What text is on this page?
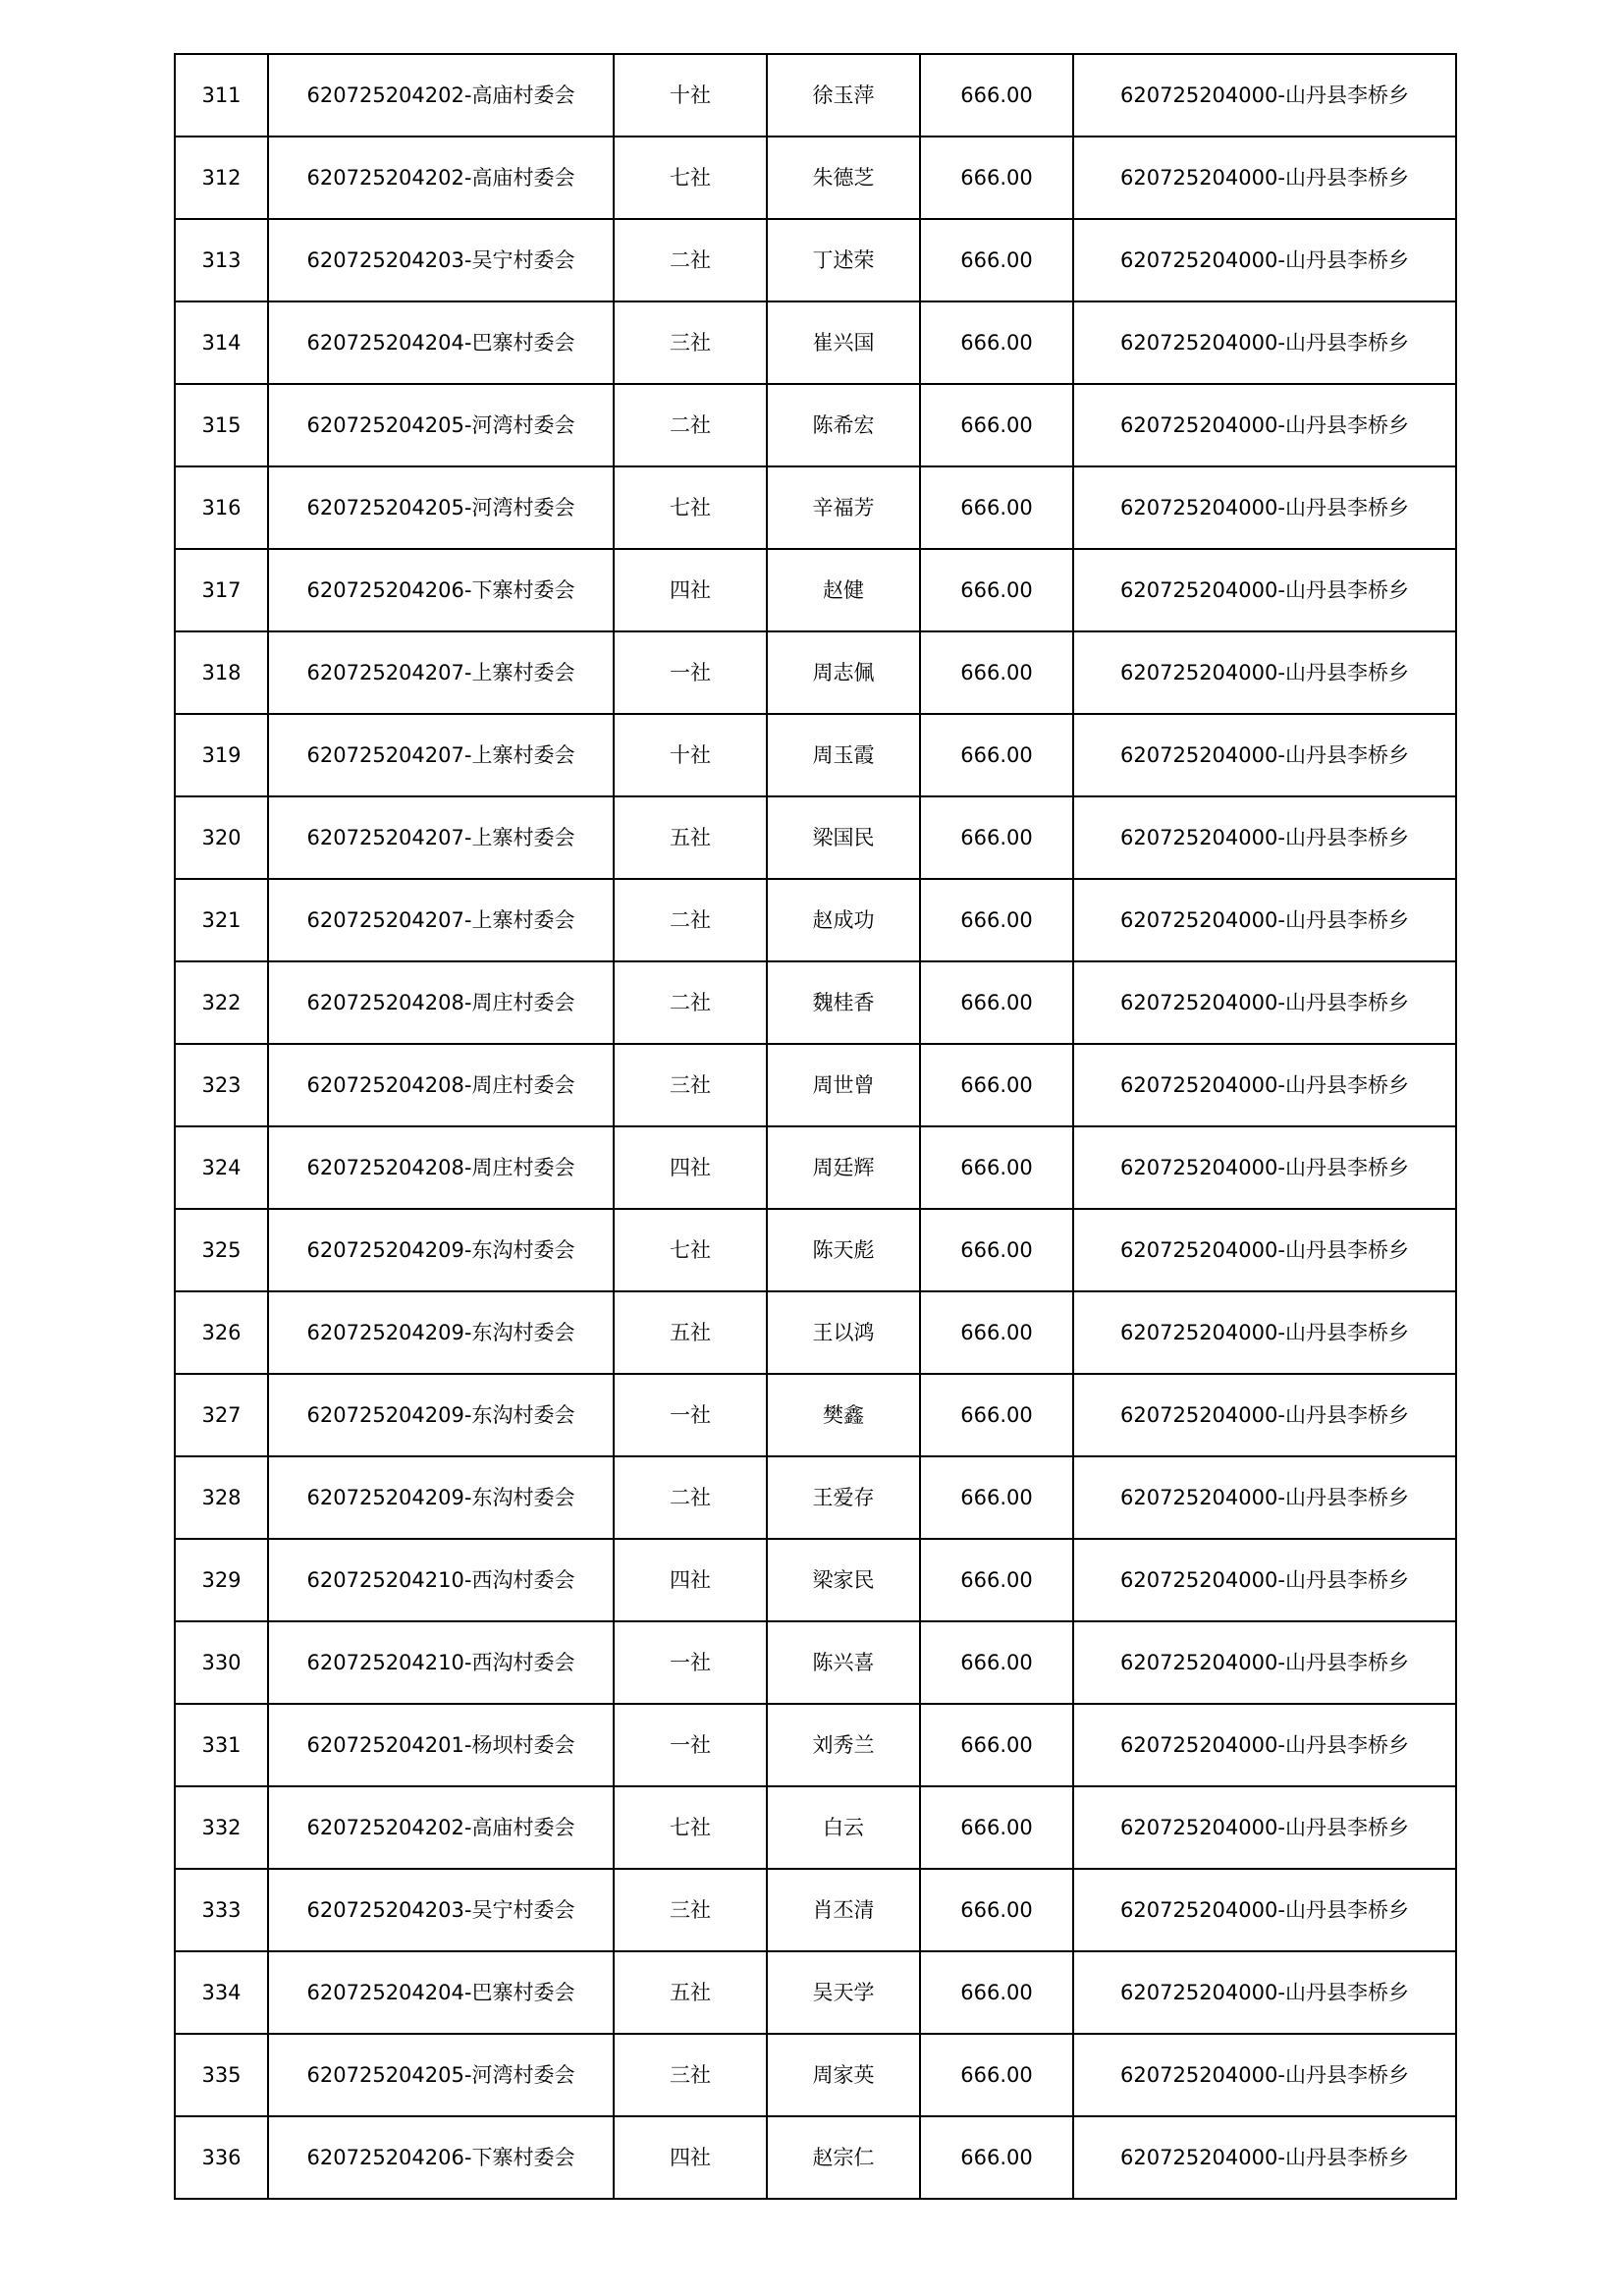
311	620725204202-高庙村委会	十社	徐玉萍	666.00	620725204000-山丹县李桥乡
312	620725204202-高庙村委会	七社	朱德芝	666.00	620725204000-山丹县李桥乡
313	620725204203-吴宁村委会	二社	丁述荣	666.00	620725204000-山丹县李桥乡
314	620725204204-巴寨村委会	三社	崔兴国	666.00	620725204000-山丹县李桥乡
315	620725204205-河湾村委会	二社	陈希宏	666.00	620725204000-山丹县李桥乡
316	620725204205-河湾村委会	七社	辛福芳	666.00	620725204000-山丹县李桥乡
317	620725204206-下寨村委会	四社	赵健	666.00	620725204000-山丹县李桥乡
318	620725204207-上寨村委会	一社	周志佩	666.00	620725204000-山丹县李桥乡
319	620725204207-上寨村委会	十社	周玉霞	666.00	620725204000-山丹县李桥乡
320	620725204207-上寨村委会	五社	梁国民	666.00	620725204000-山丹县李桥乡
321	620725204207-上寨村委会	二社	赵成功	666.00	620725204000-山丹县李桥乡
322	620725204208-周庄村委会	二社	魏桂香	666.00	620725204000-山丹县李桥乡
323	620725204208-周庄村委会	三社	周世曾	666.00	620725204000-山丹县李桥乡
324	620725204208-周庄村委会	四社	周廷辉	666.00	620725204000-山丹县李桥乡
325	620725204209-东沟村委会	七社	陈天彪	666.00	620725204000-山丹县李桥乡
326	620725204209-东沟村委会	五社	王以鸿	666.00	620725204000-山丹县李桥乡
327	620725204209-东沟村委会	一社	樊鑫	666.00	620725204000-山丹县李桥乡
328	620725204209-东沟村委会	二社	王爱存	666.00	620725204000-山丹县李桥乡
329	620725204210-西沟村委会	四社	梁家民	666.00	620725204000-山丹县李桥乡
330	620725204210-西沟村委会	一社	陈兴喜	666.00	620725204000-山丹县李桥乡
331	620725204201-杨坝村委会	一社	刘秀兰	666.00	620725204000-山丹县李桥乡
332	620725204202-高庙村委会	七社	白云	666.00	620725204000-山丹县李桥乡
333	620725204203-吴宁村委会	三社	肖丕清	666.00	620725204000-山丹县李桥乡
334	620725204204-巴寨村委会	五社	吴天学	666.00	620725204000-山丹县李桥乡
335	620725204205-河湾村委会	三社	周家英	666.00	620725204000-山丹县李桥乡
336	620725204206-下寨村委会	四社	赵宗仁	666.00	620725204000-山丹县李桥乡
